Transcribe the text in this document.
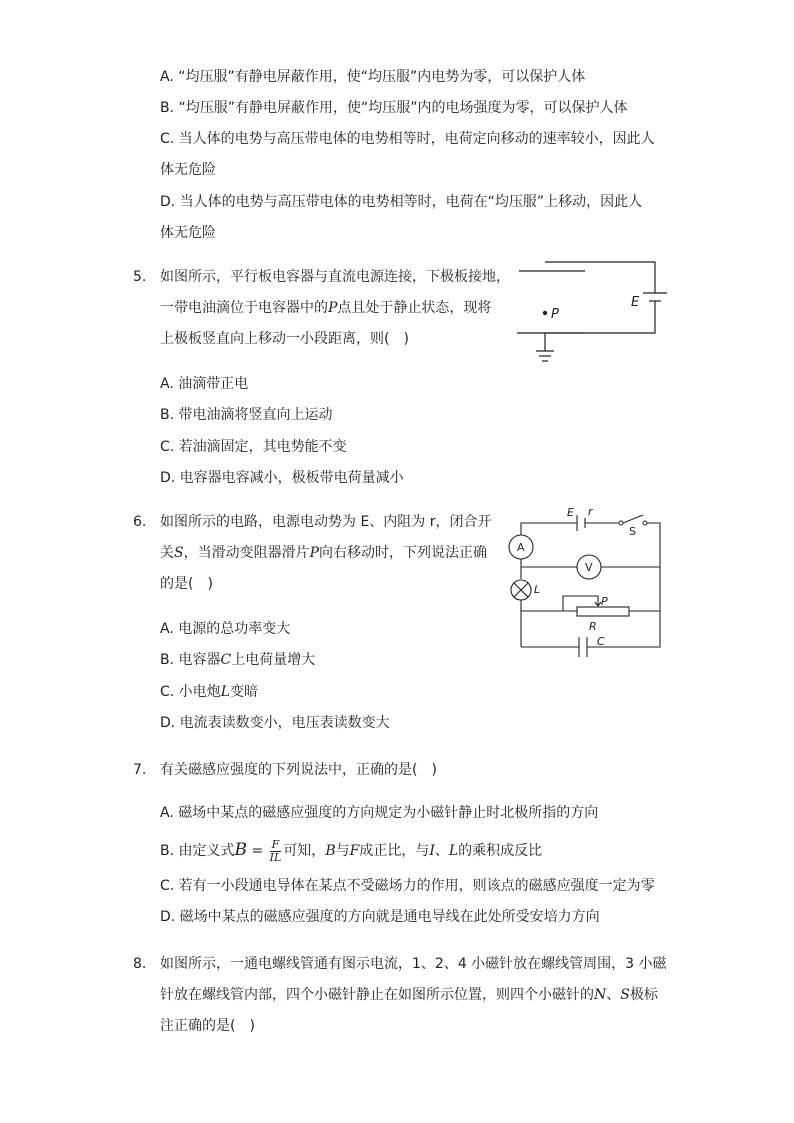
A. “均压服”有静电屏蔽作用，使“均压服”内电势为零，可以保护人体
B. “均压服”有静电屏蔽作用，使“均压服”内的电场强度为零，可以保护人体
C. 当人体的电势与高压带电体的电势相等时，电荷定向移动的速率较小，因此人
体无危险
D. 当人体的电势与高压带电体的电势相等时，电荷在“均压服”上移动，因此人
体无危险
5. 如图所示，平行板电容器与直流电源连接，下极板接地，
一带电油滴位于电容器中的P点且处于静止状态，现将
上极板竖直向上移动一小段距离，则(　)
P
E
A. 油滴带正电
B. 带电油滴将竖直向上运动
C. 若油滴固定，其电势能不变
D. 电容器电容减小，极板带电荷量减小
6. 如图所示的电路，电源电动势为 E、内阻为 r，闭合开
关S，当滑动变阻器滑片P向右移动时，下列说法正确
的是(　)
E r
S
A
V
L
P
R
C
A. 电源的总功率变大
B. 电容器C上电荷量增大
C. 小电炮L变暗
D. 电流表读数变小，电压表读数变大
7. 有关磁感应强度的下列说法中，正确的是(　)
A. 磁场中某点的磁感应强度的方向规定为小磁针静止时北极所指的方向
B. 由定义式$B = \frac{F}{IL}$ 可知，B与F成正比，与I、L的乘积成反比
C. 若有一小段通电导体在某点不受磁场力的作用，则该点的磁感应强度一定为零
D. 磁场中某点的磁感应强度的方向就是通电导线在此处所受安培力方向
8. 如图所示，一通电螺线管通有图示电流，1、2、4 小磁针放在螺线管周围，3 小磁
针放在螺线管内部，四个小磁针静止在如图所示位置，则四个小磁针的N、S极标
注正确的是(　)
